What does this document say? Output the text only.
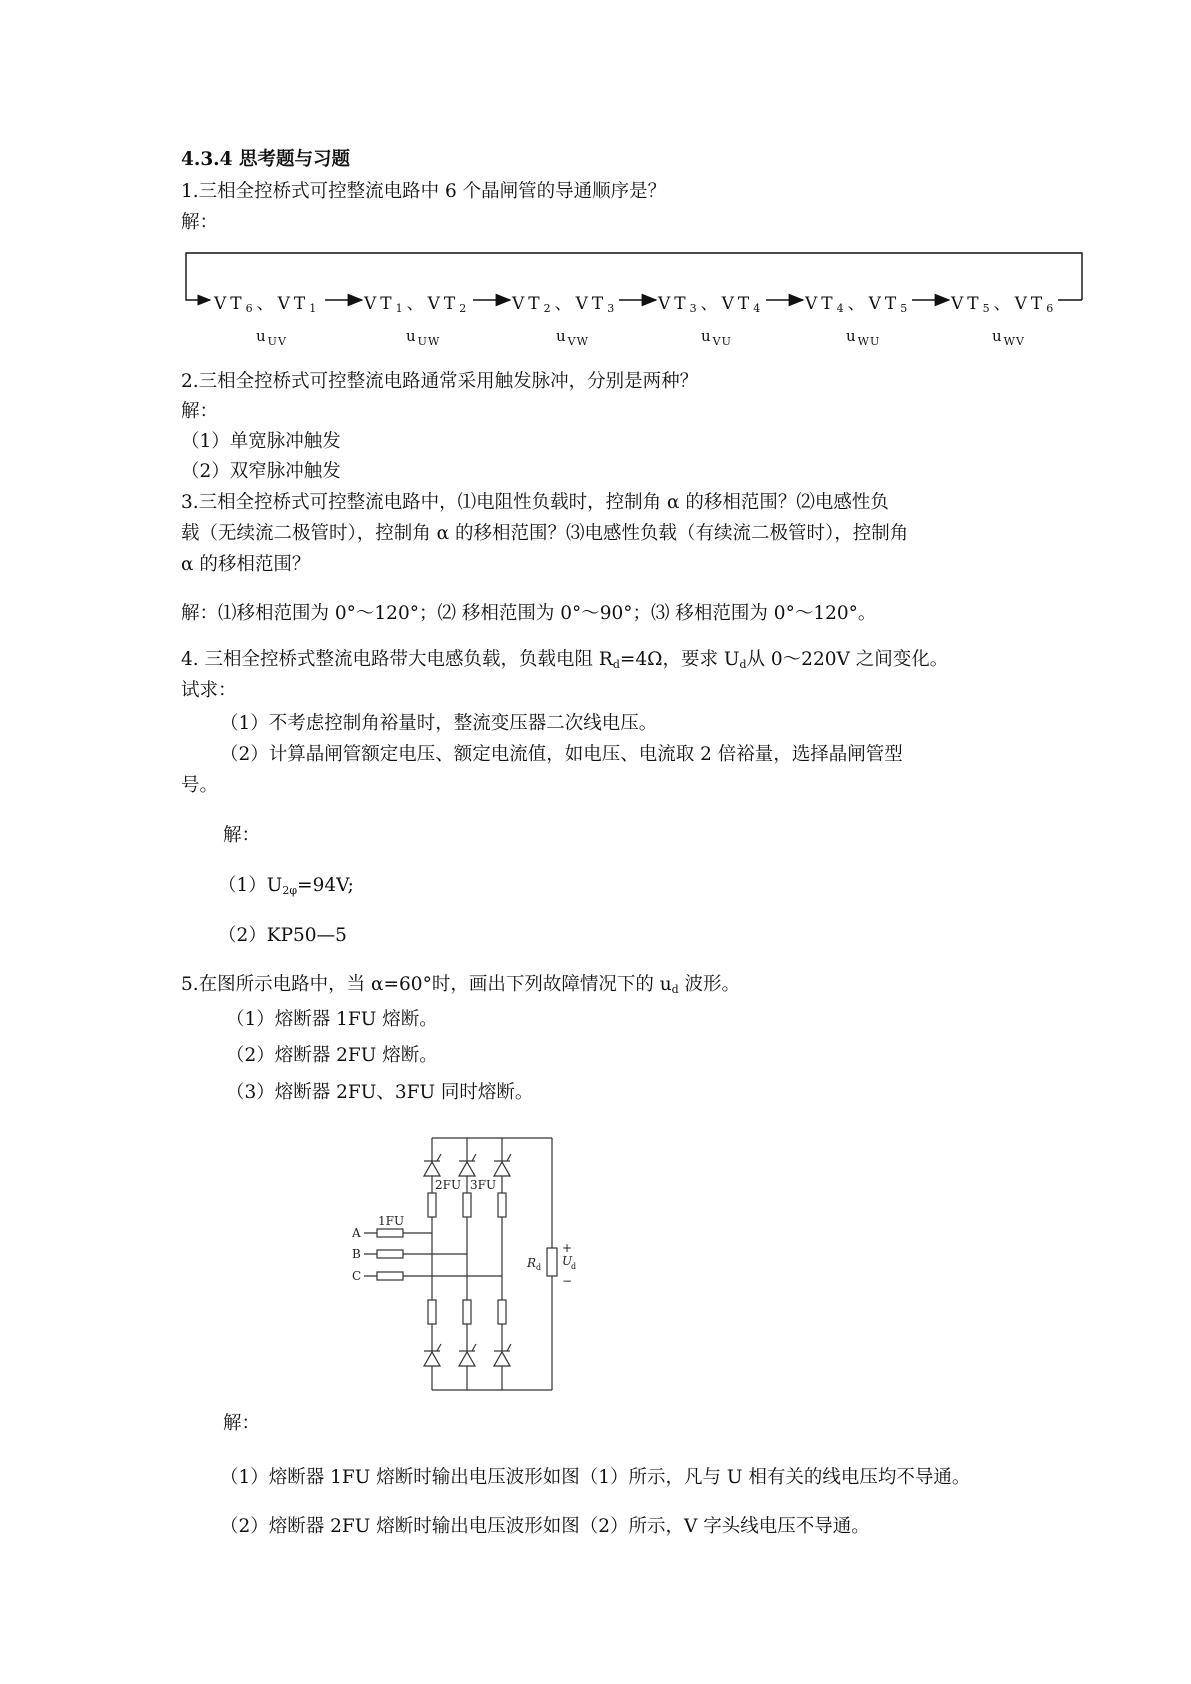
4.3.4 思考题与习题
1.三相全控桥式可控整流电路中 6 个晶闸管的导通顺序是？
解：
$VT_6$、$VT_1$	$VT_1$、$VT_2$ $VT_2$、$VT_3$ $VT_3$、$VT_4$ $VT_4$、$VT_5$ $VT_5$、$VT_6$
$u_{UV}$	$u_{UW}$	$u_{VW}$	$u_{VU}$	$u_{WU}$	$u_{WV}$
2.三相全控桥式可控整流电路通常采用触发脉冲，分别是两种？
解：
（1）单宽脉冲触发
（2）双窄脉冲触发
3.三相全控桥式可控整流电路中，⑴电阻性负载时，控制角 α 的移相范围？⑵电感性负
载（无续流二极管时），控制角 α 的移相范围？⑶电感性负载（有续流二极管时），控制角
α 的移相范围？
解：⑴移相范围为 0°～120°；⑵ 移相范围为 0°～90°；⑶ 移相范围为 0°～120°。
4. 三相全控桥式整流电路带大电感负载，负载电阻 $R_d=4\Omega$，要求 $U_d$从 0～220V 之间变化。
试求：
（1）不考虑控制角裕量时，整流变压器二次线电压。
（2）计算晶闸管额定电压、额定电流值，如电压、电流取 2 倍裕量，选择晶闸管型
号。
解：
$(1)U_{2\varphi}=94V$;
（2）KP50—5
5.在图所示电路中，当 α=60°时，画出下列故障情况下的 $u_d$ 波形。
（1）熔断器 1FU 熔断。
（2）熔断器 2FU 熔断。
（3）熔断器 2FU、3FU 同时熔断。
A
B
C
1FU
2FU 3FU
R d U
d
+
−
解：
（1）熔断器 1FU 熔断时输出电压波形如图（1）所示，凡与 U 相有关的线电压均不导通。
（2）熔断器 2FU 熔断时输出电压波形如图（2）所示，V 字头线电压不导通。
